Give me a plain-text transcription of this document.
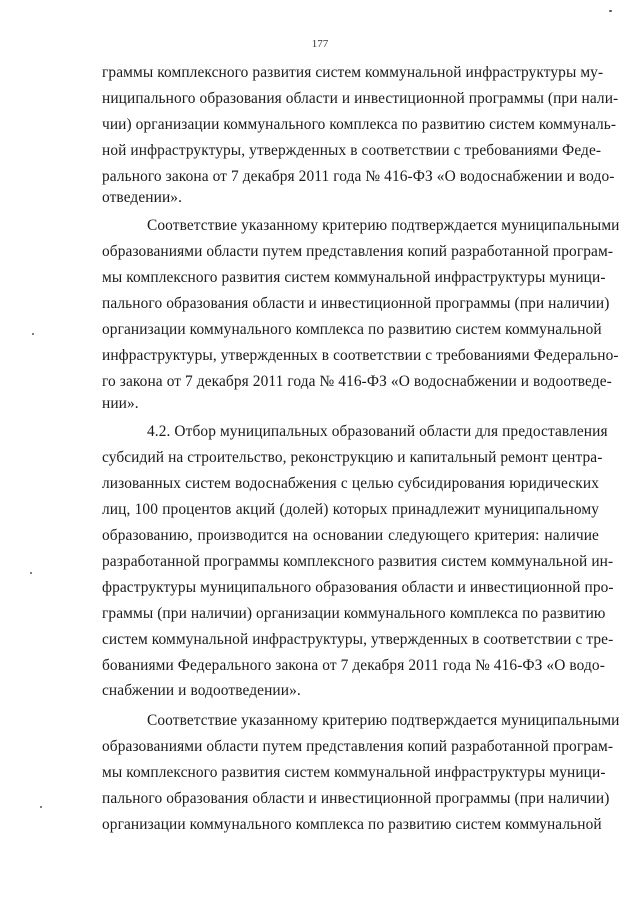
177
граммы комплексного развития систем коммунальной инфраструктуры му-
ниципального образования области и инвестиционной программы (при нали-
чии) организации коммунального комплекса по развитию систем коммуналь-
ной инфраструктуры, утвержденных в соответствии с требованиями Феде-
рального закона от 7 декабря 2011 года № 416-ФЗ «О водоснабжении и водо-
отведении».
Соответствие указанному критерию подтверждается муниципальными
образованиями области путем представления копий разработанной програм-
мы комплексного развития систем коммунальной инфраструктуры муници-
пального образования области и инвестиционной программы (при наличии)
организации коммунального комплекса по развитию систем коммунальной
инфраструктуры, утвержденных в соответствии с требованиями Федерально-
го закона от 7 декабря 2011 года № 416-ФЗ «О водоснабжении и водоотведе-
нии».
4.2. Отбор муниципальных образований области для предоставления
субсидий на строительство, реконструкцию и капитальный ремонт центра-
лизованных систем водоснабжения с целью субсидирования юридических
лиц, 100 процентов акций (долей) которых принадлежит муниципальному
образованию, производится на основании следующего критерия: наличие
разработанной программы комплексного развития систем коммунальной ин-
фраструктуры муниципального образования области и инвестиционной про-
граммы (при наличии) организации коммунального комплекса по развитию
систем коммунальной инфраструктуры, утвержденных в соответствии с тре-
бованиями Федерального закона от 7 декабря 2011 года № 416-ФЗ «О водо-
снабжении и водоотведении».
Соответствие указанному критерию подтверждается муниципальными
образованиями области путем представления копий разработанной програм-
мы комплексного развития систем коммунальной инфраструктуры муници-
пального образования области и инвестиционной программы (при наличии)
организации коммунального комплекса по развитию систем коммунальной
